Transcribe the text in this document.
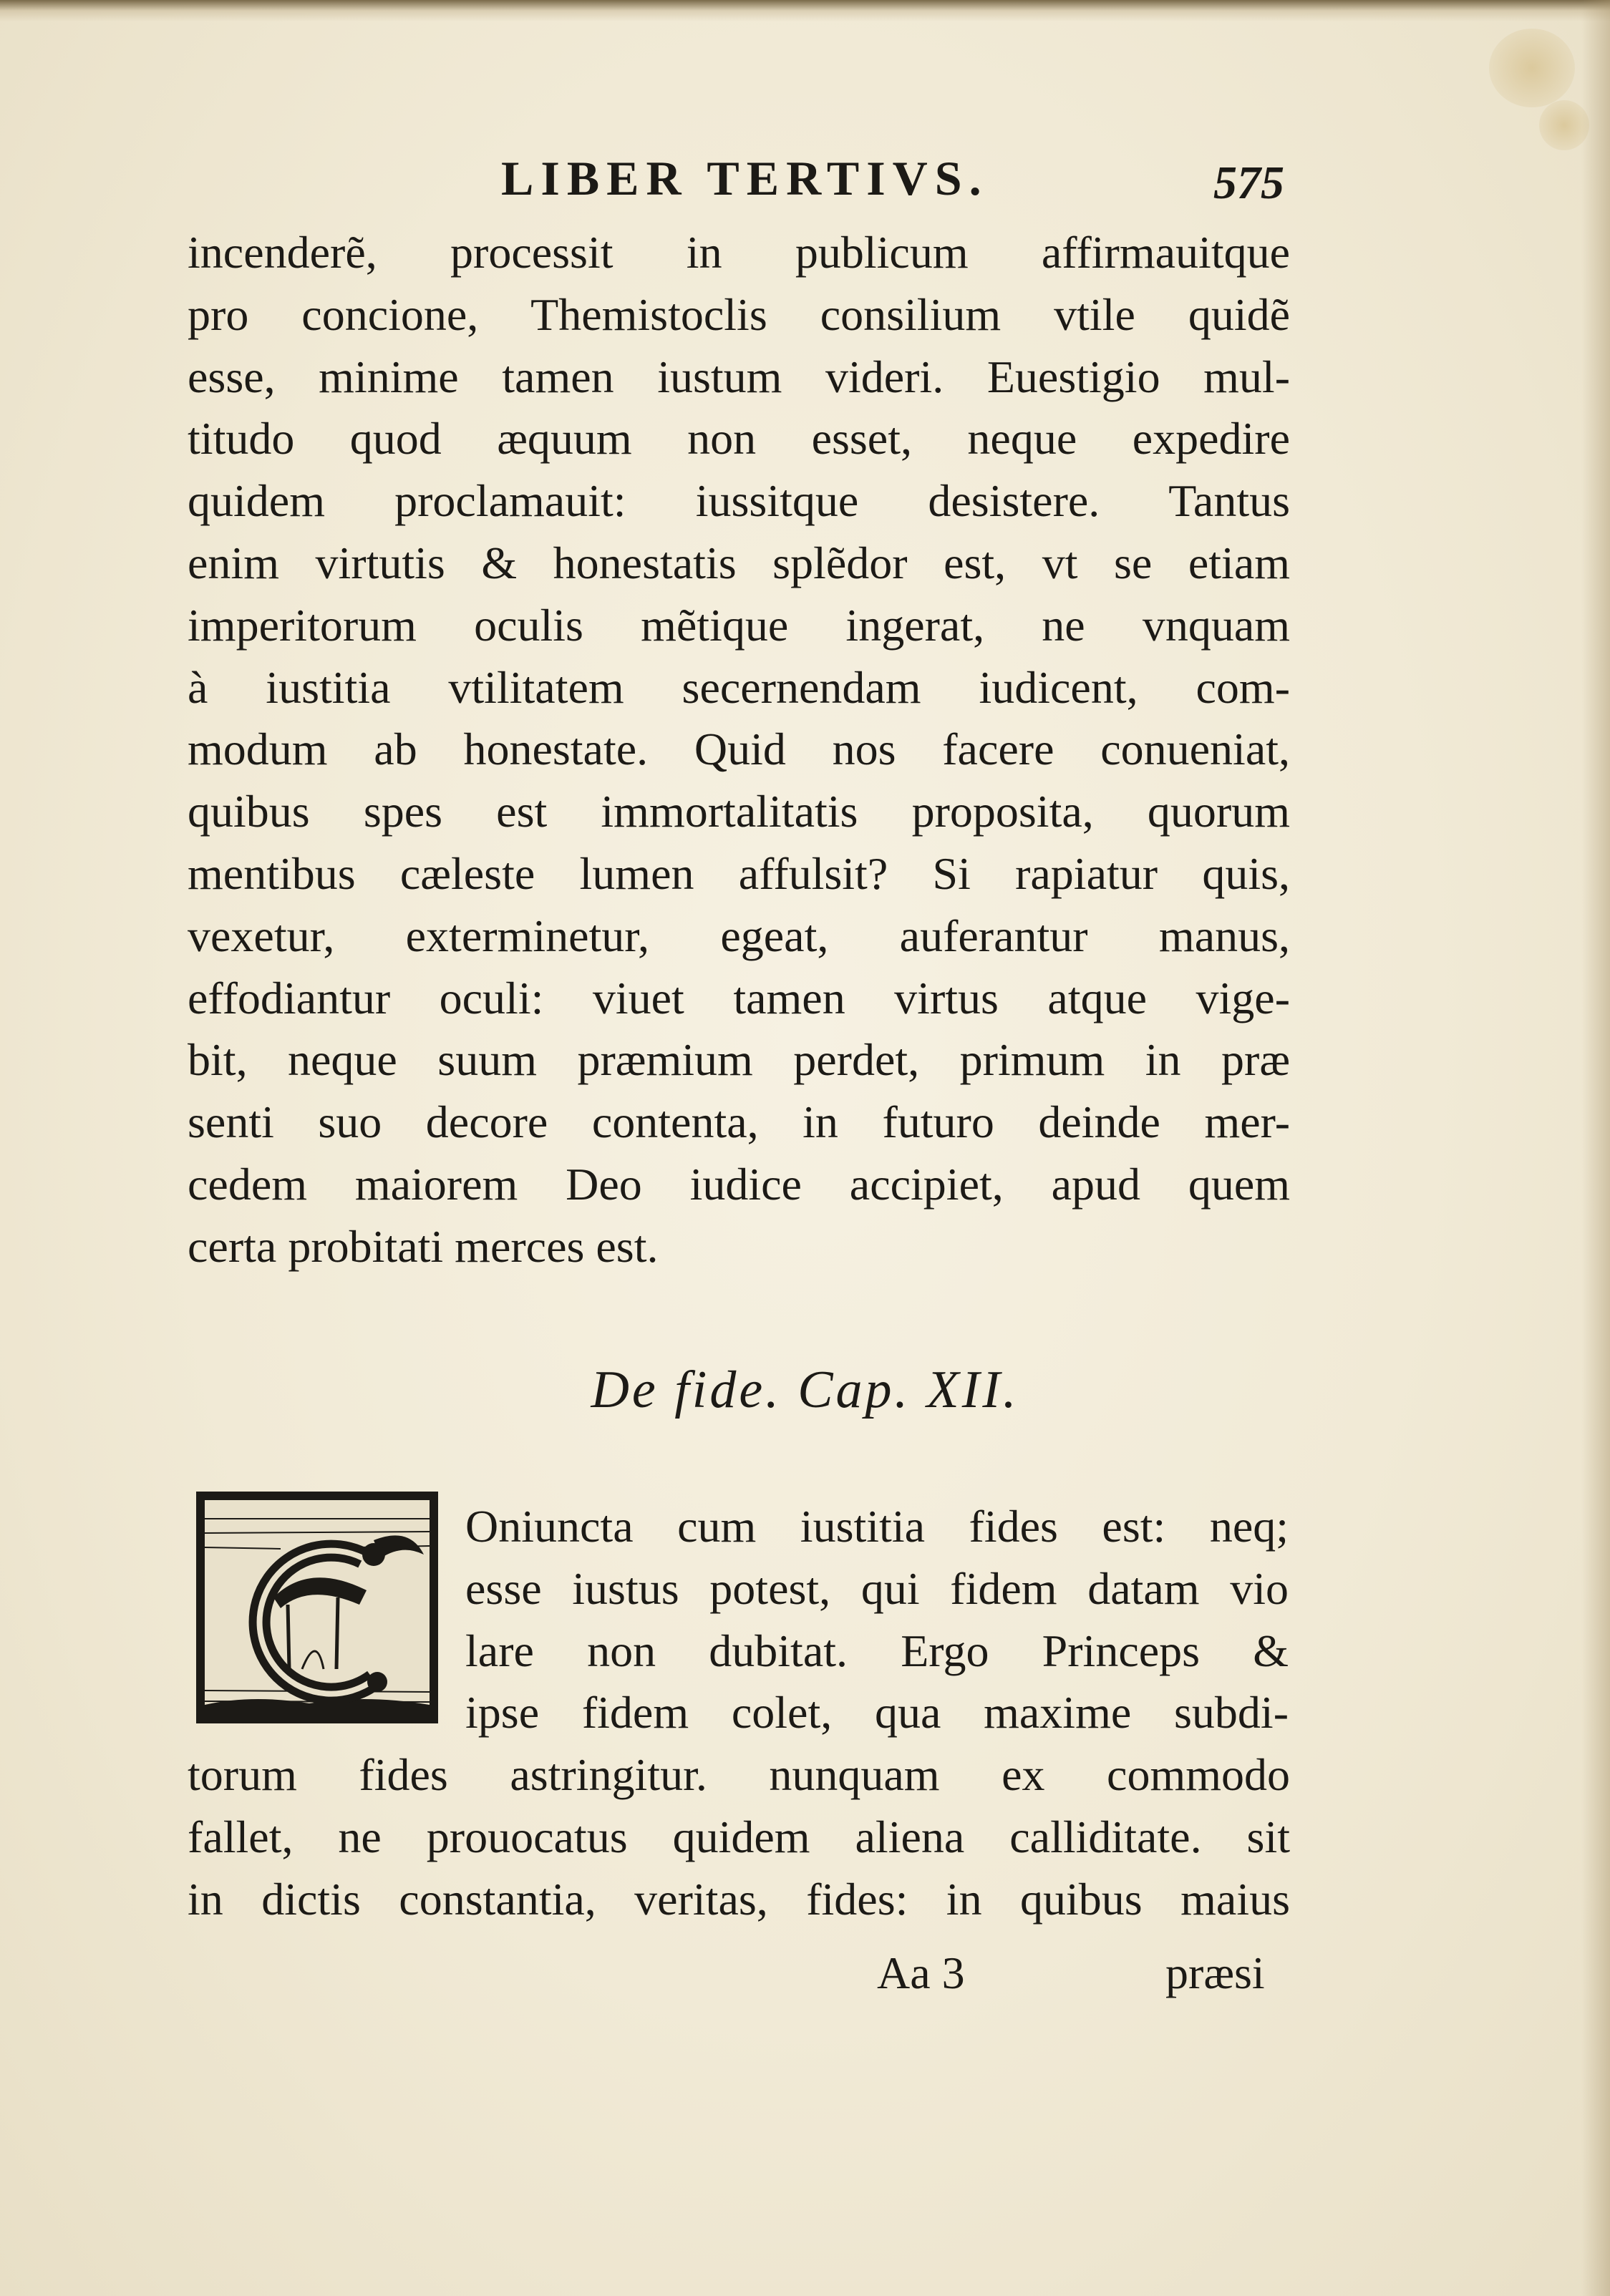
LIBER TERTIVS.	575
incenderẽ, processit in publicum affirmauitque
pro concione, Themistoclis consilium vtile quidẽ
esse, minime tamen iustum videri. Euestigio mul-
titudo quod æquum non esset, neque expedire
quidem proclamauit: iussitque desistere. Tantus
enim virtutis & honestatis splẽdor est, vt se etiam
imperitorum oculis mẽtique ingerat, ne vnquam
à iustitia vtilitatem secernendam iudicent, com-
modum ab honestate. Quid nos facere conueniat,
quibus spes est immortalitatis proposita, quorum
mentibus cæleste lumen affulsit? Si rapiatur quis,
vexetur, exterminetur, egeat, auferantur manus,
effodiantur oculi: viuet tamen virtus atque vige-
bit, neque suum præmium perdet, primum in præ
senti suo decore contenta, in futuro deinde mer-
cedem maiorem Deo iudice accipiet, apud quem
certa probitati merces est.
De fide. Cap. XII.
Oniuncta cum iustitia fides est: neq;
esse iustus potest, qui fidem datam vio
lare non dubitat. Ergo Princeps &
ipse fidem colet, qua maxime subdi-
torum fides astringitur. nunquam ex commodo
fallet, ne prouocatus quidem aliena calliditate. sit
in dictis constantia, veritas, fides: in quibus maius
Aa 3	præsi
